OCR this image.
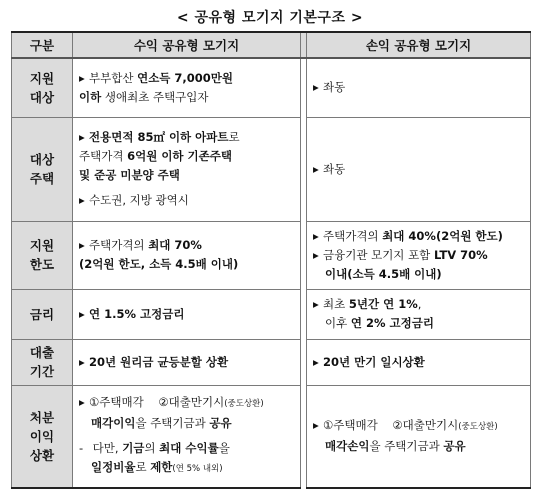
< 공유형 모기지 기본구조 >
구분	수익 공유형 모기지		손익 공유형 모기지

지원
대상	▸ 부부합산 연소득 7,000만원
이하 생애최초 주택구입자		▸ 좌동

대상
주택	▸ 전용면적 85㎡ 이하 아파트로
주택가격 6억원 이하 기존주택
및 준공 미분양 주택
▸ 수도권, 지방 광역시		▸ 좌동

지원
한도	▸ 주택가격의 최대 70%
(2억원 한도, 소득 4.5배 이내)		▸ 주택가격의 최대 40%(2억원 한도)
▸ 금융기관 모기지 포함 LTV 70%
이내(소득 4.5배 이내)

금리	▸ 연 1.5% 고정금리		▸ 최초 5년간 연 1%,
이후 연 2% 고정금리

대출
기간	▸ 20년 원리금 균등분할 상환		▸ 20년 만기 일시상환

처분
이익
상환	▸ ①주택매각 ②대출만기시(중도상환)
매각이익을 주택기금과 공유
- 다만, 기금의 최대 수익률을
일정비율로 제한(연 5% 내외)		▸ ①주택매각 ②대출만기시(중도상환)
매각손익을 주택기금과 공유
